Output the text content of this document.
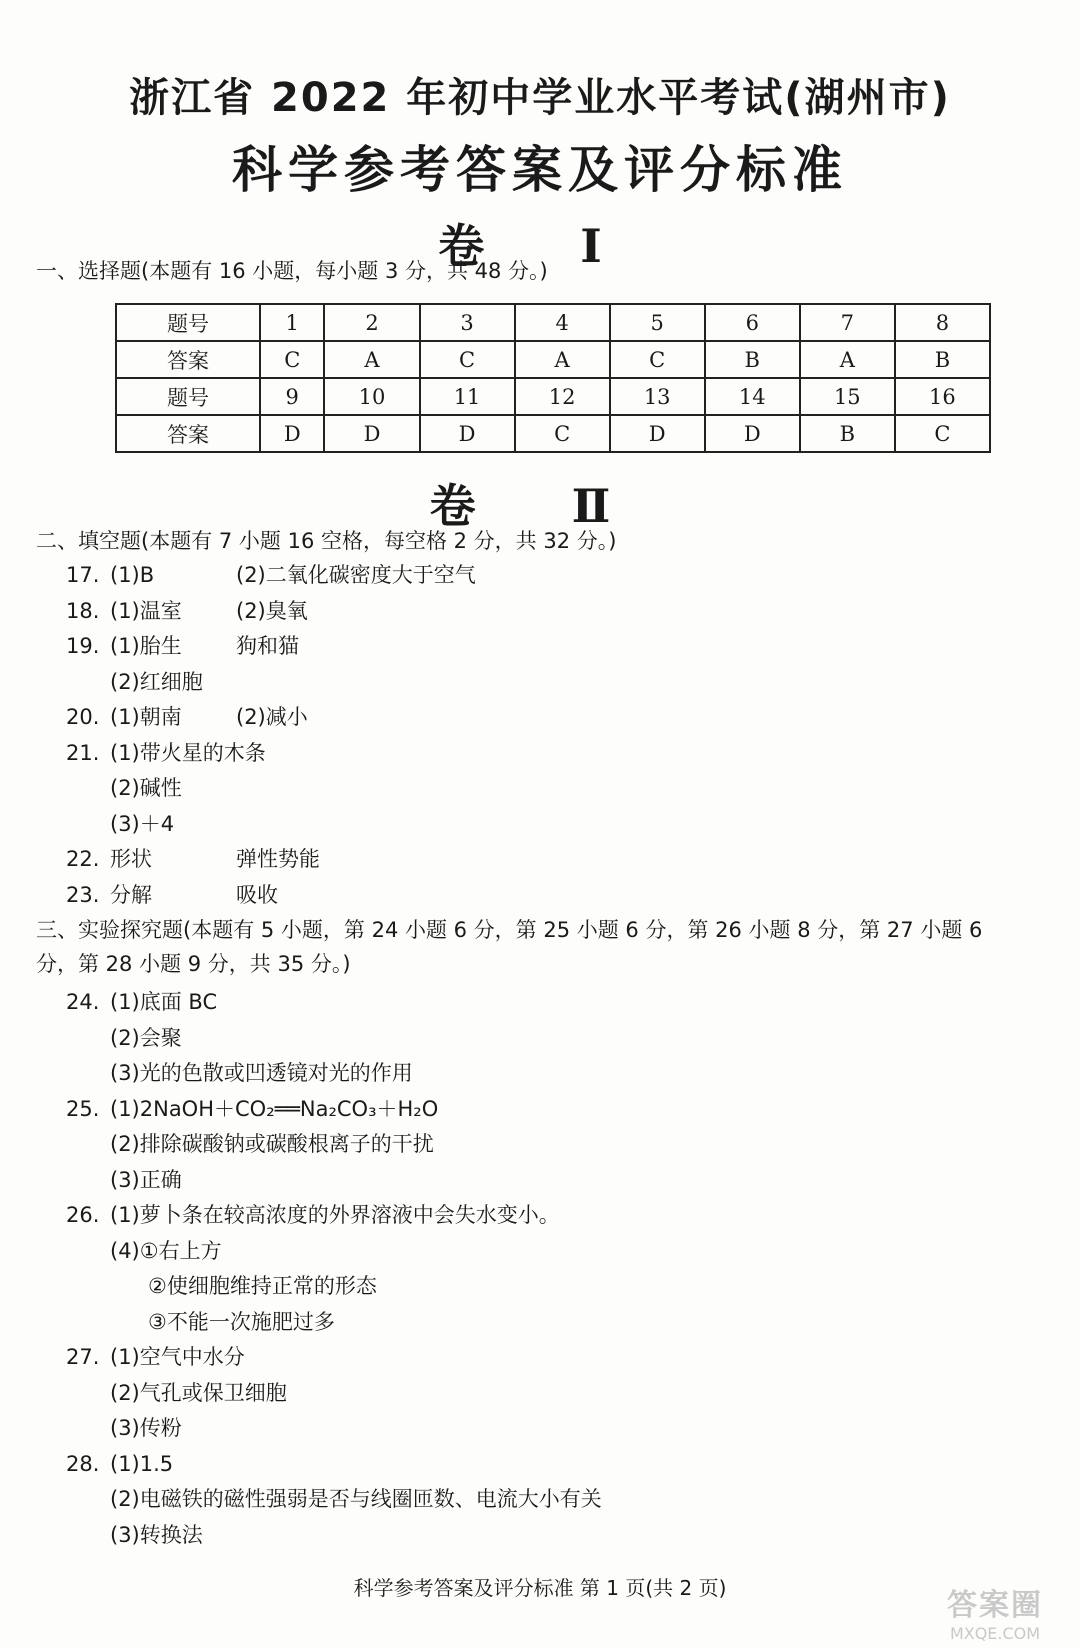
浙江省 2022 年初中学业水平考试(湖州市)
科学参考答案及评分标准
卷 Ⅰ
一、选择题(本题有 16 小题，每小题 3 分，共 48 分。)
题号	1	2	3	4	5	6	7	8
答案	C	A	C	A	C	B	A	B
题号	9	10	11	12	13	14	15	16
答案	D	D	D	C	D	D	B	C
卷 Ⅱ
二、填空题(本题有 7 小题 16 空格，每空格 2 分，共 32 分。)
17. (1)B	(2)二氧化碳密度大于空气
18. (1)温室	(2)臭氧
19. (1)胎生	狗和猫
(2)红细胞
20. (1)朝南	(2)减小
21. (1)带火星的木条
(2)碱性
(3)＋4
22. 形状	弹性势能
23. 分解	吸收
三、实验探究题(本题有 5 小题，第 24 小题 6 分，第 25 小题 6 分，第 26 小题 8 分，第 27 小题 6
分，第 28 小题 9 分，共 35 分。)
24. (1)底面 BC
(2)会聚
(3)光的色散或凹透镜对光的作用
25. (1)2NaOH＋CO₂══Na₂CO₃＋H₂O
(2)排除碳酸钠或碳酸根离子的干扰
(3)正确
26. (1)萝卜条在较高浓度的外界溶液中会失水变小。
(4)①右上方
②使细胞维持正常的形态
③不能一次施肥过多
27. (1)空气中水分
(2)气孔或保卫细胞
(3)传粉
28. (1)1.5
(2)电磁铁的磁性强弱是否与线圈匝数、电流大小有关
(3)转换法
科学参考答案及评分标准 第 1 页(共 2 页)	答案圈
MXQE.COM
